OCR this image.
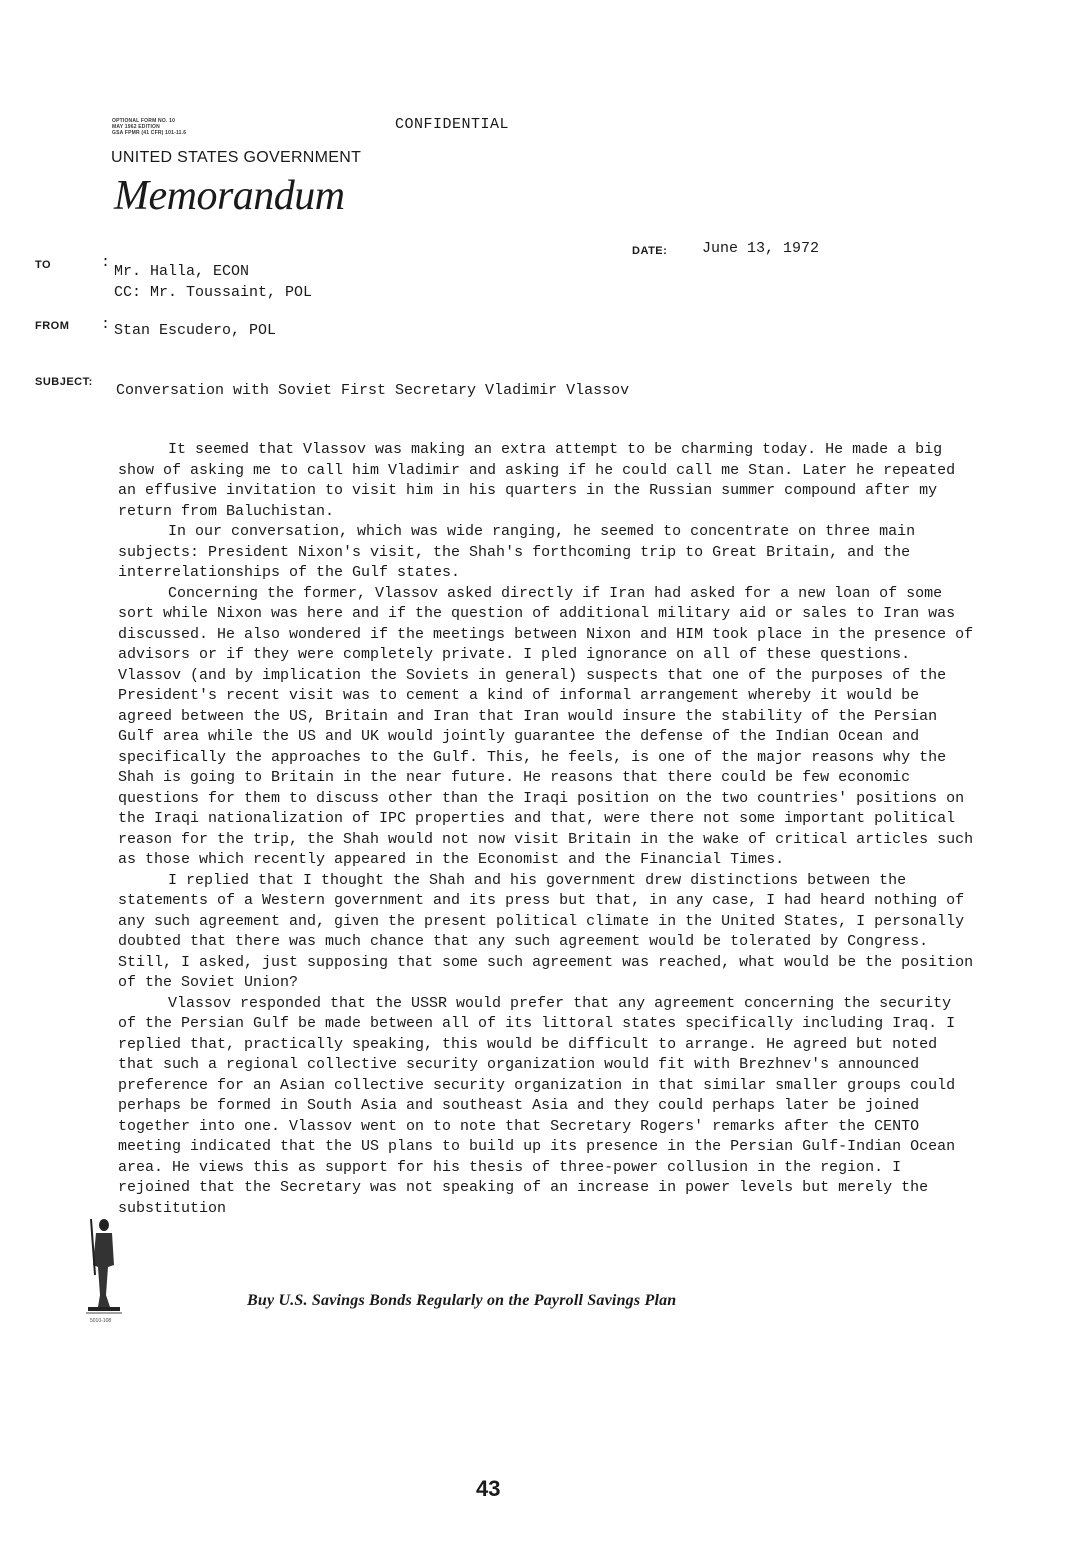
OPTIONAL FORM NO. 10
MAY 1962 EDITION
GSA FPMR (41 CFR) 101-11.6	CONFIDENTIAL
UNITED STATES GOVERNMENT
Memorandum
TO	:
Mr. Halla, ECON
CC: Mr. Toussaint, POL
DATE: June 13, 1972
FROM : Stan Escudero, POL
SUBJECT: Conversation with Soviet First Secretary Vladimir Vlassov

It seemed that Vlassov was making an extra attempt to be charming today. He made a big show of asking me to call him Vladimir and asking if he could call me Stan. Later he repeated an effusive invitation to visit him in his quarters in the Russian summer compound after my return from Baluchistan.

In our conversation, which was wide ranging, he seemed to concentrate on three main subjects: President Nixon's visit, the Shah's forthcoming trip to Great Britain, and the interrelationships of the Gulf states.

Concerning the former, Vlassov asked directly if Iran had asked for a new loan of some sort while Nixon was here and if the question of additional military aid or sales to Iran was discussed. He also wondered if the meetings between Nixon and HIM took place in the presence of advisors or if they were completely private. I pled ignorance on all of these questions. Vlassov (and by implication the Soviets in general) suspects that one of the purposes of the President's recent visit was to cement a kind of informal arrangement whereby it would be agreed between the US, Britain and Iran that Iran would insure the stability of the Persian Gulf area while the US and UK would jointly guarantee the defense of the Indian Ocean and specifically the approaches to the Gulf. This, he feels, is one of the major reasons why the Shah is going to Britain in the near future. He reasons that there could be few economic questions for them to discuss other than the Iraqi position on the two countries' positions on the Iraqi nationalization of IPC properties and that, were there not some important political reason for the trip, the Shah would not now visit Britain in the wake of critical articles such as those which recently appeared in the Economist and the Financial Times.

I replied that I thought the Shah and his government drew distinctions between the statements of a Western government and its press but that, in any case, I had heard nothing of any such agreement and, given the present political climate in the United States, I personally doubted that there was much chance that any such agreement would be tolerated by Congress. Still, I asked, just supposing that some such agreement was reached, what would be the position of the Soviet Union?

Vlassov responded that the USSR would prefer that any agreement concerning the security of the Persian Gulf be made between all of its littoral states specifically including Iraq. I replied that, practically speaking, this would be difficult to arrange. He agreed but noted that such a regional collective security organization would fit with Brezhnev's announced preference for an Asian collective security organization in that similar smaller groups could perhaps be formed in South Asia and southeast Asia and they could perhaps later be joined together into one. Vlassov went on to note that Secretary Rogers' remarks after the CENTO meeting indicated that the US plans to build up its presence in the Persian Gulf-Indian Ocean area. He views this as support for his thesis of three-power collusion in the region. I rejoined that the Secretary was not speaking of an increase in power levels but merely the substitution

5010-108
Buy U.S. Savings Bonds Regularly on the Payroll Savings Plan
43
